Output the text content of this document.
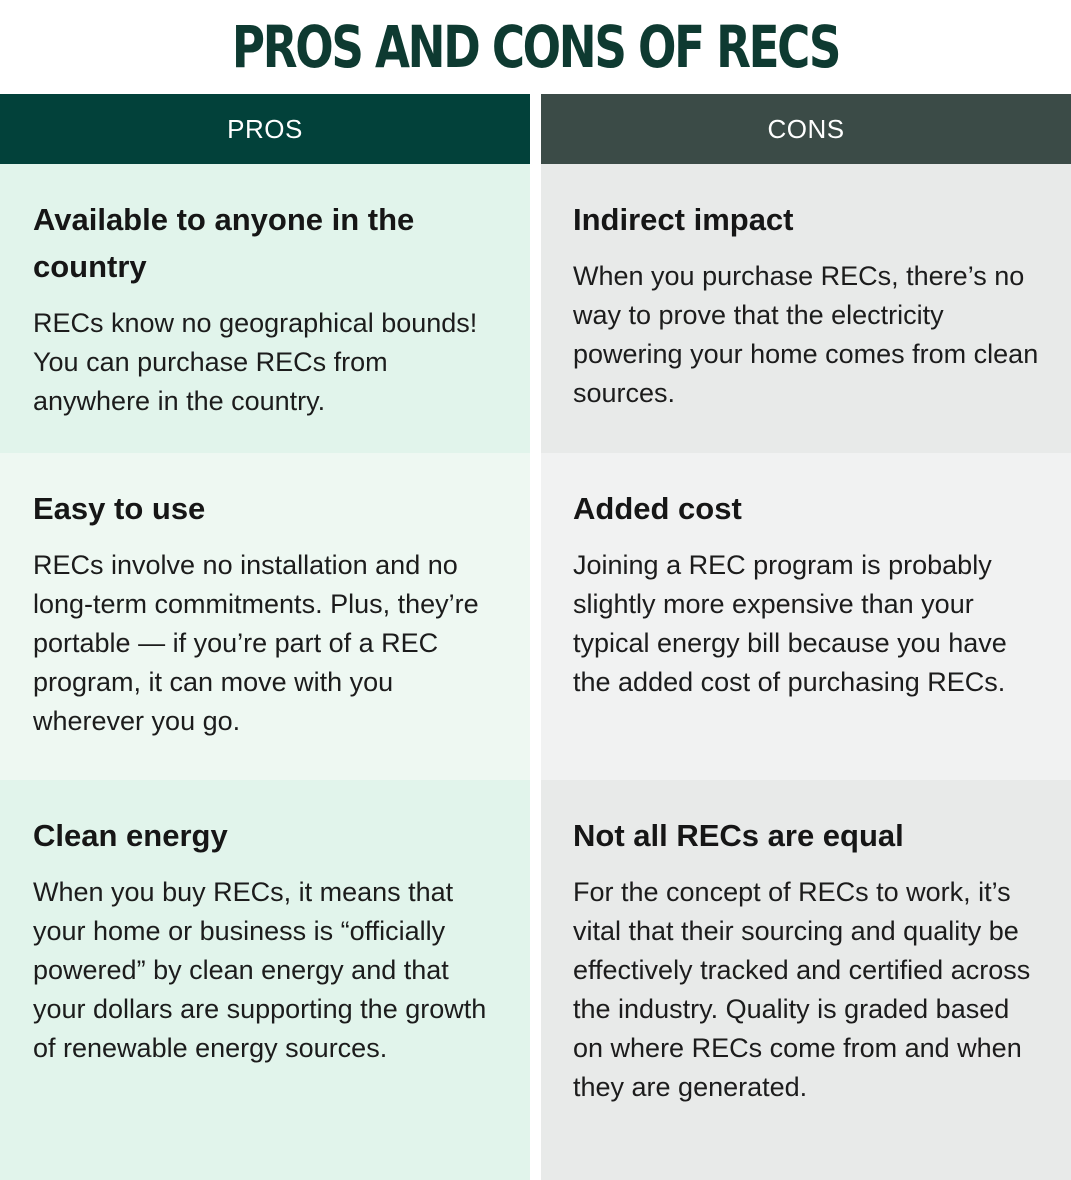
PROS AND CONS OF RECS
PROS	CONS
Available to anyone in the country

RECs know no geographical bounds! You can purchase RECs from anywhere in the country.

Easy to use

RECs involve no installation and no long-term commitments. Plus, they’re portable — if you’re part of a REC program, it can move with you wherever you go.

Clean energy

When you buy RECs, it means that your home or business is “officially powered” by clean energy and that your dollars are supporting the growth of renewable energy sources.

Indirect impact

When you purchase RECs, there’s no way to prove that the electricity powering your home comes from clean sources.

Added cost

Joining a REC program is probably slightly more expensive than your typical energy bill because you have the added cost of purchasing RECs.

Not all RECs are equal

For the concept of RECs to work, it’s vital that their sourcing and quality be effectively tracked and certified across the industry. Quality is graded based on where RECs come from and when they are generated.
